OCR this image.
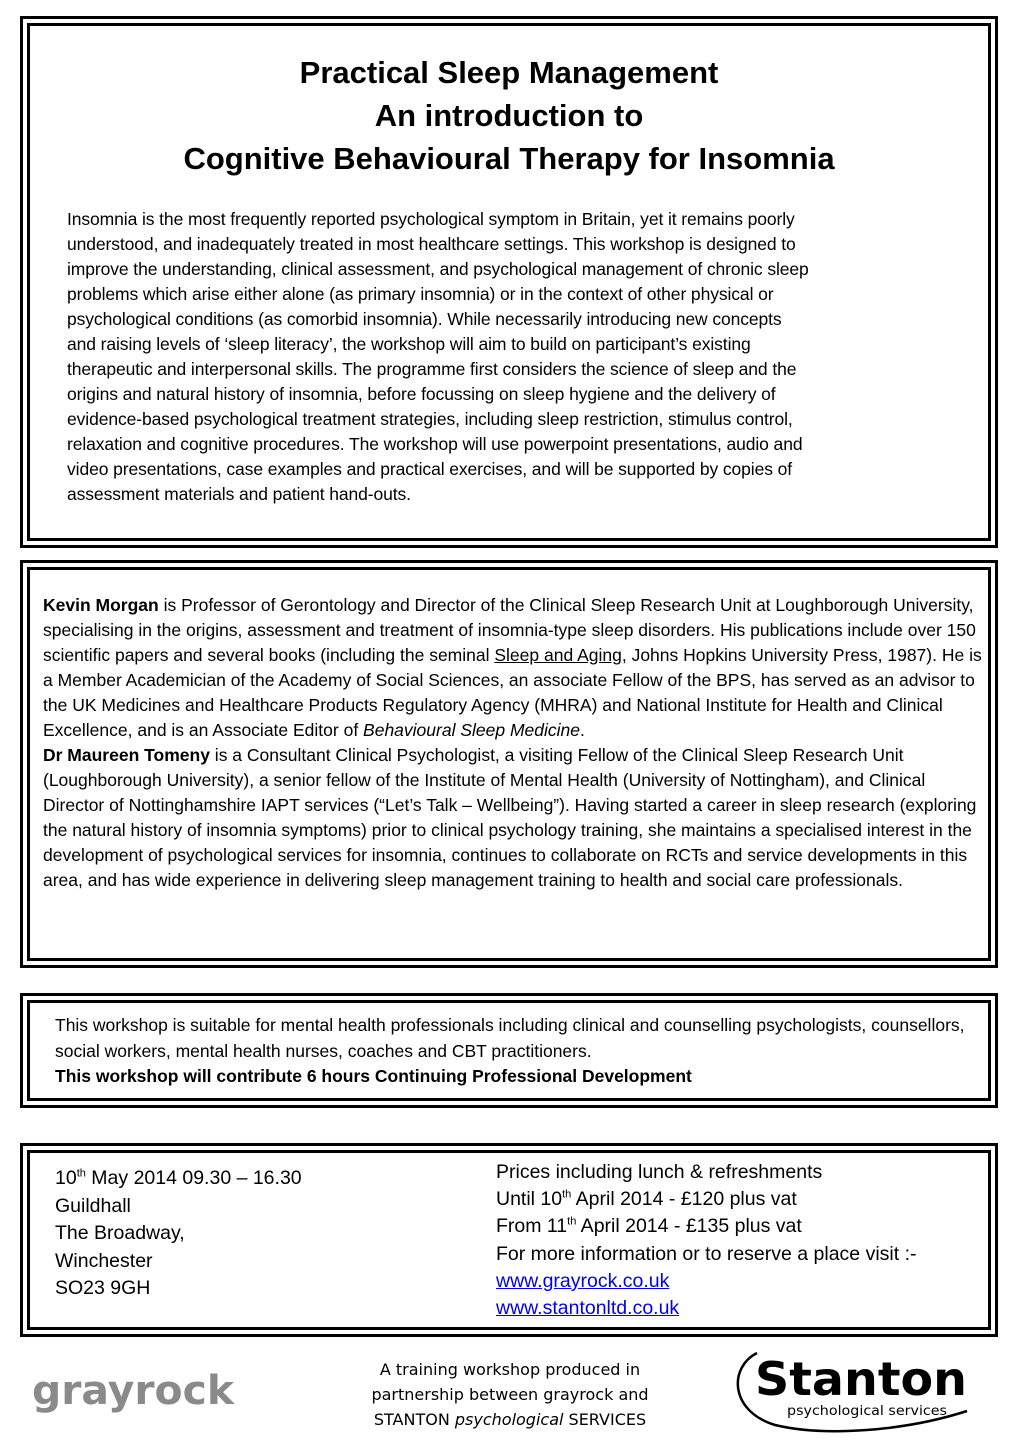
Practical Sleep Management
An introduction to
Cognitive Behavioural Therapy for Insomnia
Insomnia is the most frequently reported psychological symptom in Britain, yet it remains poorly
understood, and inadequately treated in most healthcare settings. This workshop is designed to
improve the understanding, clinical assessment, and psychological management of chronic sleep
problems which arise either alone (as primary insomnia) or in the context of other physical or
psychological conditions (as comorbid insomnia). While necessarily introducing new concepts
and raising levels of ‘sleep literacy’, the workshop will aim to build on participant’s existing
therapeutic and interpersonal skills. The programme first considers the science of sleep and the
origins and natural history of insomnia, before focussing on sleep hygiene and the delivery of
evidence-based psychological treatment strategies, including sleep restriction, stimulus control,
relaxation and cognitive procedures. The workshop will use powerpoint presentations, audio and
video presentations, case examples and practical exercises, and will be supported by copies of
assessment materials and patient hand-outs.

Kevin Morgan is Professor of Gerontology and Director of the Clinical Sleep Research Unit at Loughborough University, specialising in the origins, assessment and treatment of insomnia-type sleep disorders. His publications include over 150 scientific papers and several books (including the seminal Sleep and Aging, Johns Hopkins University Press, 1987). He is a Member Academician of the Academy of Social Sciences, an associate Fellow of the BPS, has served as an advisor to the UK Medicines and Healthcare Products Regulatory Agency (MHRA) and National Institute for Health and Clinical Excellence, and is an Associate Editor of Behavioural Sleep Medicine.

Dr Maureen Tomeny is a Consultant Clinical Psychologist, a visiting Fellow of the Clinical Sleep Research Unit (Loughborough University), a senior fellow of the Institute of Mental Health (University of Nottingham), and Clinical Director of Nottinghamshire IAPT services (“Let’s Talk – Wellbeing”). Having started a career in sleep research (exploring the natural history of insomnia symptoms) prior to clinical psychology training, she maintains a specialised interest in the development of psychological services for insomnia, continues to collaborate on RCTs and service developments in this area, and has wide experience in delivering sleep management training to health and social care professionals.

This workshop is suitable for mental health professionals including clinical and counselling psychologists, counsellors, social workers, mental health nurses, coaches and CBT practitioners.
This workshop will contribute 6 hours Continuing Professional Development
10th May 2014 09.30 – 16.30
Guildhall
The Broadway,
Winchester
SO23 9GH
Prices including lunch & refreshments
Until 10th April 2014 - £120 plus vat
From 11th April 2014 - £135 plus vat
For more information or to reserve a place visit :-
www.grayrock.co.uk
www.stantonltd.co.uk
grayrock	A training workshop produced in
partnership between grayrock and
STANTON psychological SERVICES
Stanton
psychological services
